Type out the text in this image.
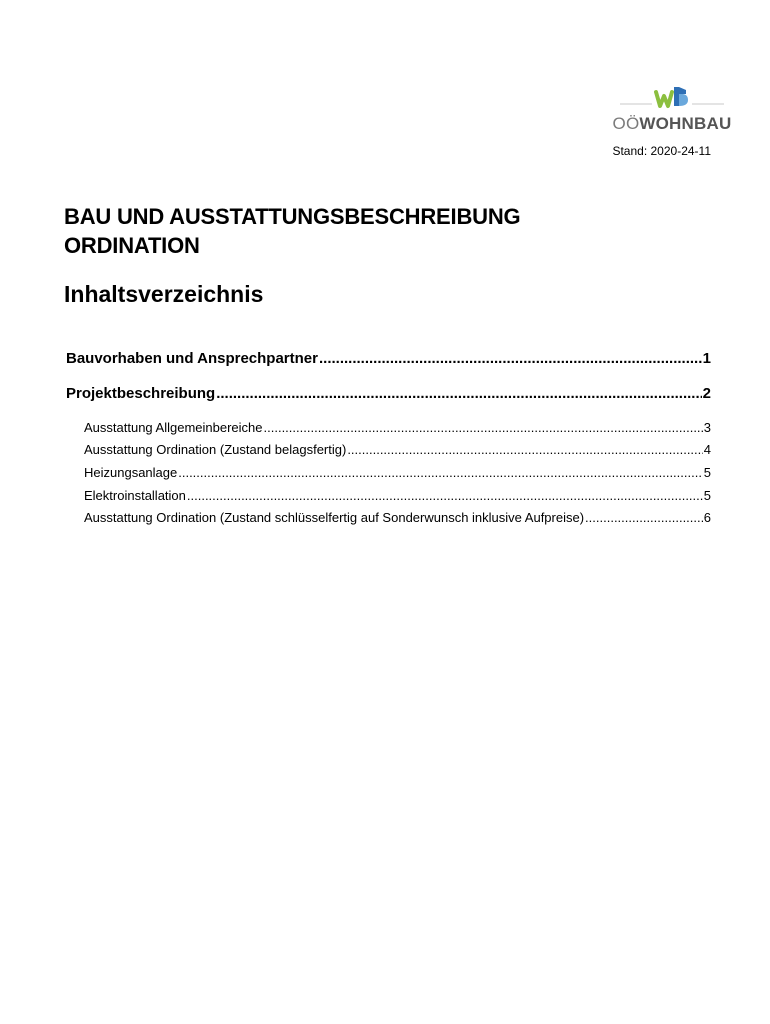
OÖWOHNBAU
Stand: 2020-24-11
BAU UND AUSSTATTUNGSBESCHREIBUNG
ORDINATION
Inhaltsverzeichnis
Bauvorhaben und Ansprechpartner .....	1
Projektbeschreibung .....	2
Ausstattung Allgemeinbereiche .....	3
Ausstattung Ordination (Zustand belagsfertig) .....	4
Heizungsanlage .....	5
Elektroinstallation .....	5
Ausstattung Ordination (Zustand schlüsselfertig auf Sonderwunsch inklusive Aufpreise) .....	6
